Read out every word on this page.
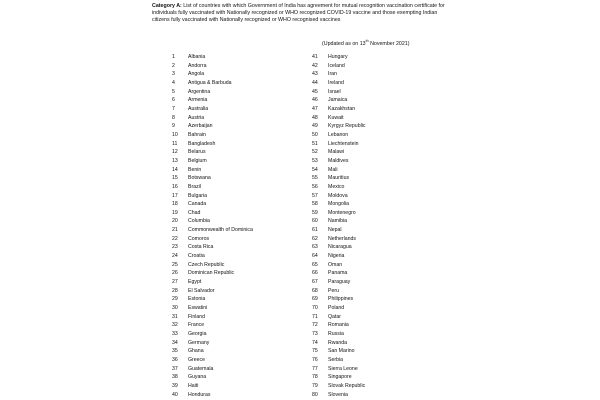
Category A: List of countries with which Government of India has agreement for mutual recognition vaccination certificate for individuals fully vaccinated with Nationally recognized or WHO recognized COVID-19 vaccine and those exempting Indian citizens fully vaccinated with Nationally recognized or WHO recognised vaccines

(Updated as on 13th November 2021)
1	Albania
2	Andorra
3	Angola
4	Antigua & Barbuda
5	Argentina
6	Armenia
7	Australia
8	Austria
9	Azerbaijan
10 Bahrain
11 Bangladesh
12 Belarus
13 Belgium
14 Benin
15 Botswana
16 Brazil
17 Bulgaria
18 Canada
19 Chad
20 Columbia
21 Commonwealth of Dominica
22 Comoros
23 Costa Rica
24 Croatia
25 Czech Republic
26 Dominican Republic
27 Egypt
28 El Salvador
29 Estonia
30 Eswatini
31 Finland
32 France
33 Georgia
34 Germany
35 Ghana
36 Greece
37 Guatemala
38 Guyana
39 Haiti
40 Honduras
41 Hungary
42 Iceland
43 Iran
44 Ireland
45 Israel
46 Jamaica
47 Kazakhstan
48 Kuwait
49 Kyrgyz Republic
50 Lebanon
51 Liechtenstein
52 Malawi
53 Maldives
54 Mali
55 Mauritius
56 Mexico
57 Moldova
58 Mongolia
59 Montenegro
60 Namibia
61 Nepal
62 Netherlands
63 Nicaragua
64 Nigeria
65 Oman
66 Panama
67 Paraguay
68 Peru
69 Philippines
70 Poland
71 Qatar
72 Romania
73 Russia
74 Rwanda
75 San Marino
76 Serbia
77 Sierra Leone
78 Singapore
79 Slovak Republic
80 Slovenia
